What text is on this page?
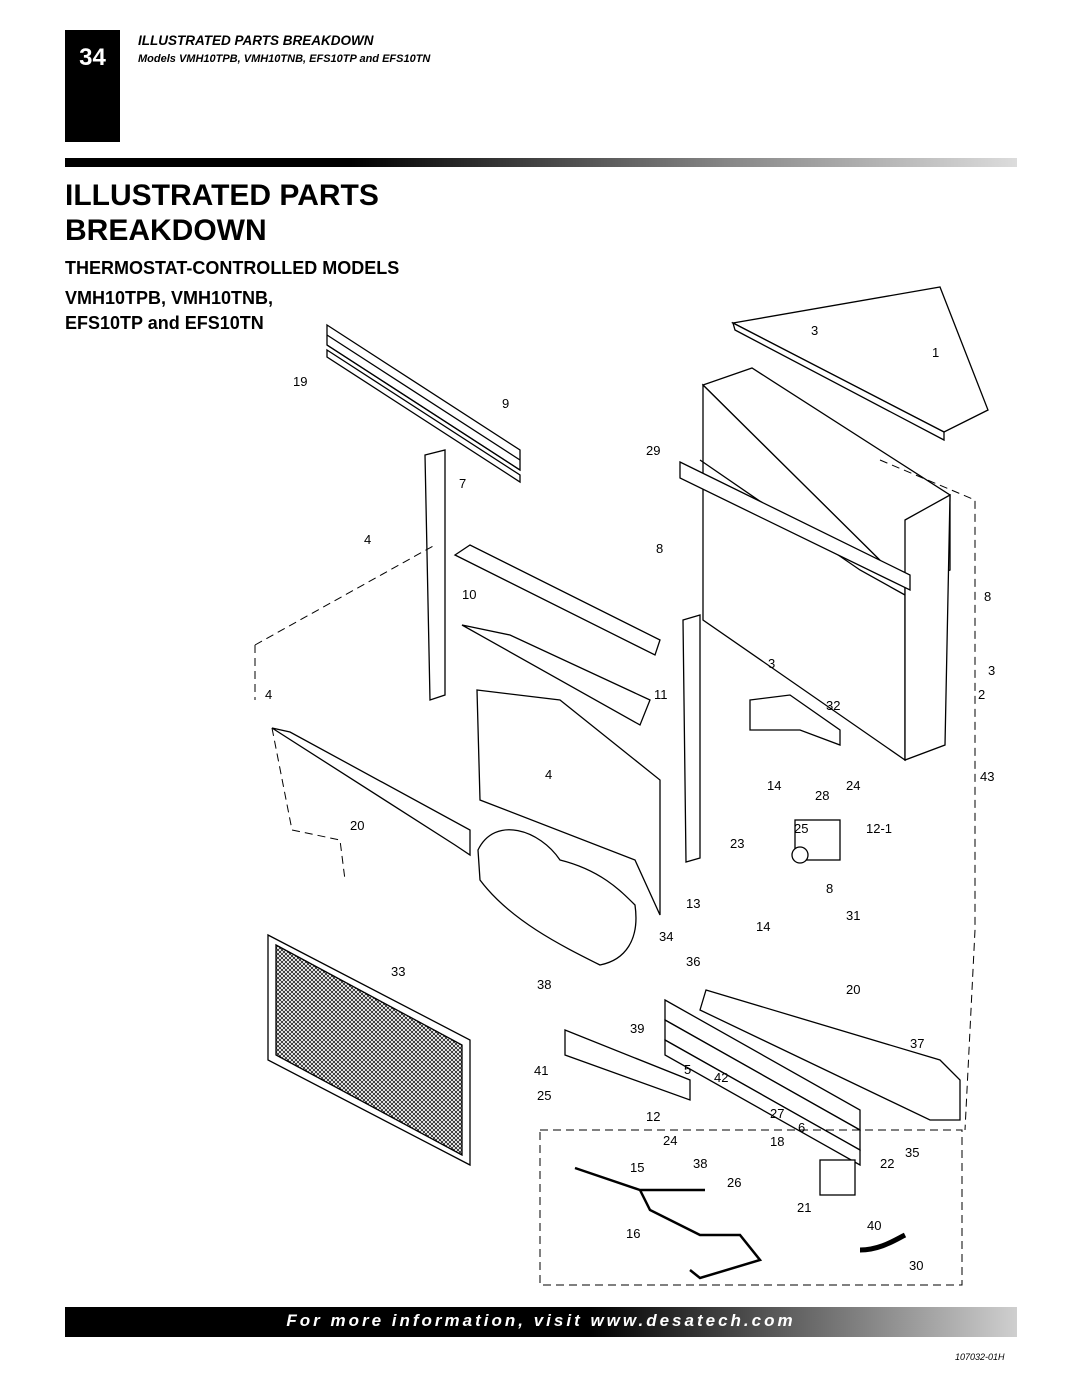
34
ILLUSTRATED PARTS BREAKDOWN
Models VMH10TPB, VMH10TNB, EFS10TP and EFS10TN
ILLUSTRATED PARTS
BREAKDOWN
THERMOSTAT-CONTROLLED MODELS
VMH10TPB, VMH10TNB,
EFS10TP and EFS10TN	3
1
19
9
29
7
4
8
10	8
3	3
4	11	2
32
4
14	24
43
28
20	25	12-1
23
8
13
31
14
34
36
33
38	20
39
37
5
41	42
25
27
12
6
24	18
35
38	22
15
26
21
40
16
30
For more information, visit www.desatech.com
107032-01H
